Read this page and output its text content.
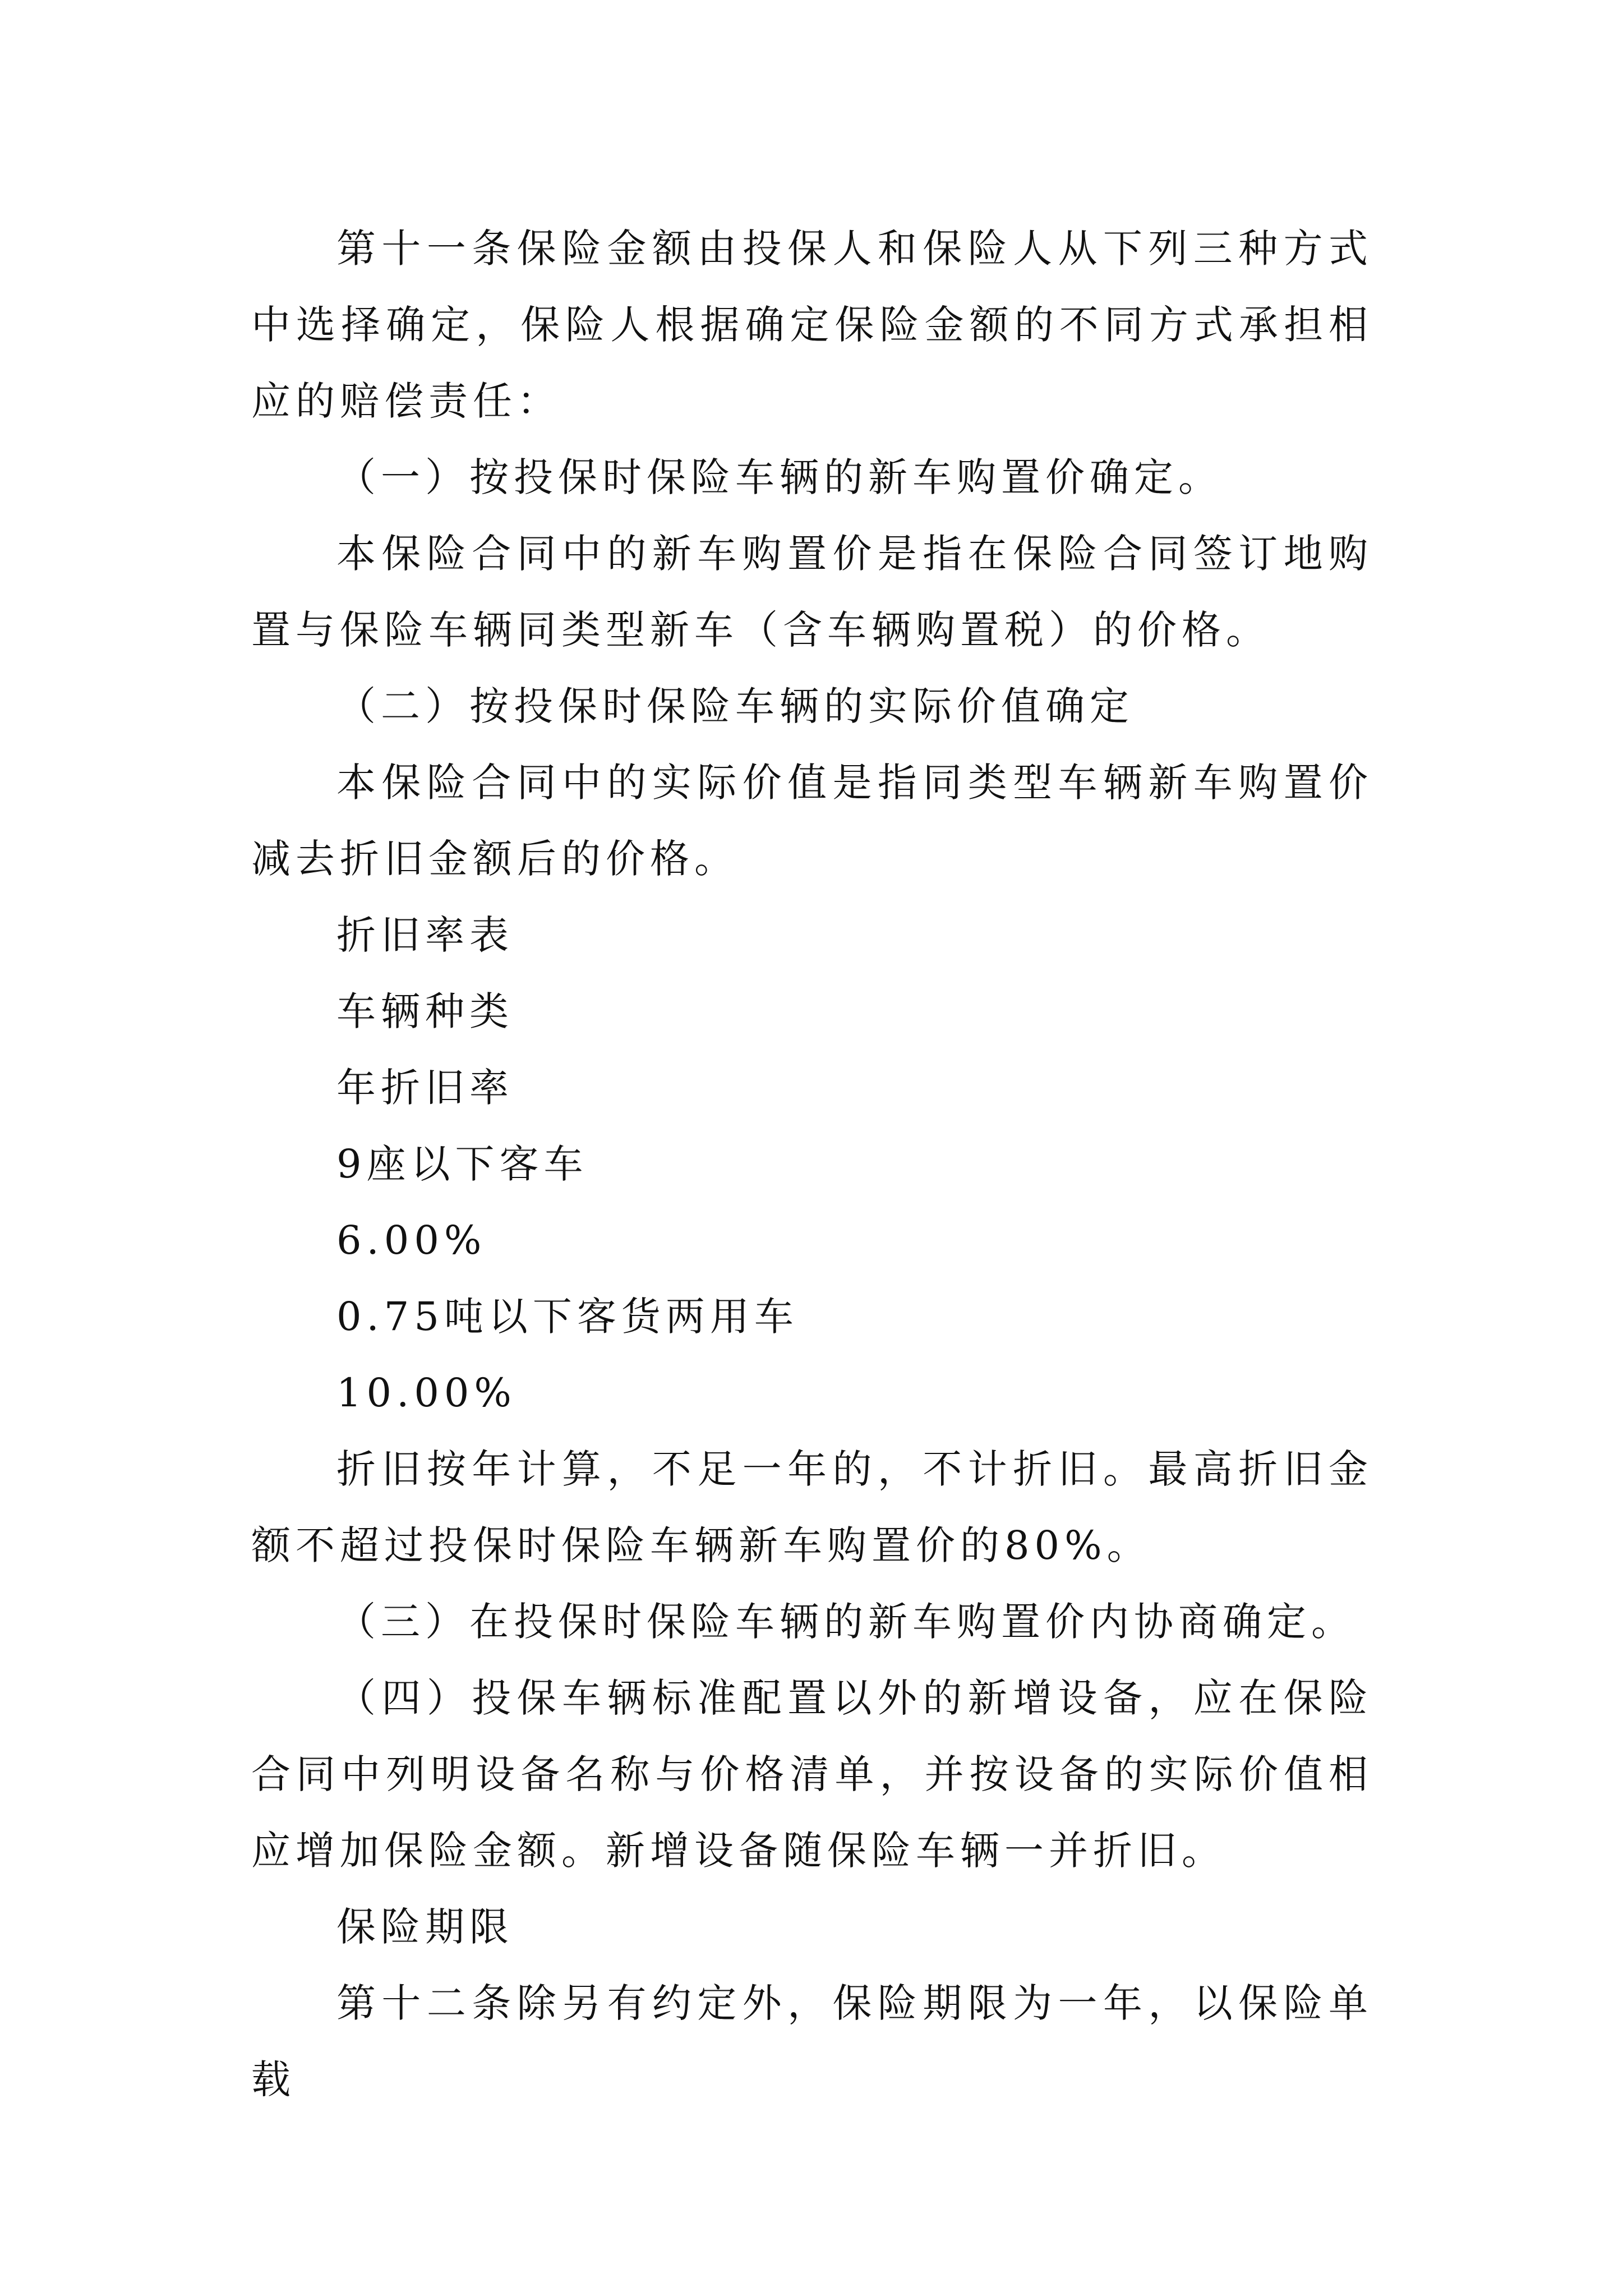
第十一条保险金额由投保人和保险人从下列三种方式中选择确定，保险人根据确定保险金额的不同方式承担相应的赔偿责任：

（一）按投保时保险车辆的新车购置价确定。

本保险合同中的新车购置价是指在保险合同签订地购置与保险车辆同类型新车（含车辆购置税）的价格。

（二）按投保时保险车辆的实际价值确定

本保险合同中的实际价值是指同类型车辆新车购置价减去折旧金额后的价格。

折旧率表

车辆种类

年折旧率

9座以下客车

6.00%

0.75吨以下客货两用车

10.00%

折旧按年计算，不足一年的，不计折旧。最高折旧金额不超过投保时保险车辆新车购置价的80%。

（三）在投保时保险车辆的新车购置价内协商确定。

（四）投保车辆标准配置以外的新增设备，应在保险合同中列明设备名称与价格清单，并按设备的实际价值相应增加保险金额。新增设备随保险车辆一并折旧。

保险期限

第十二条除另有约定外，保险期限为一年，以保险单载
